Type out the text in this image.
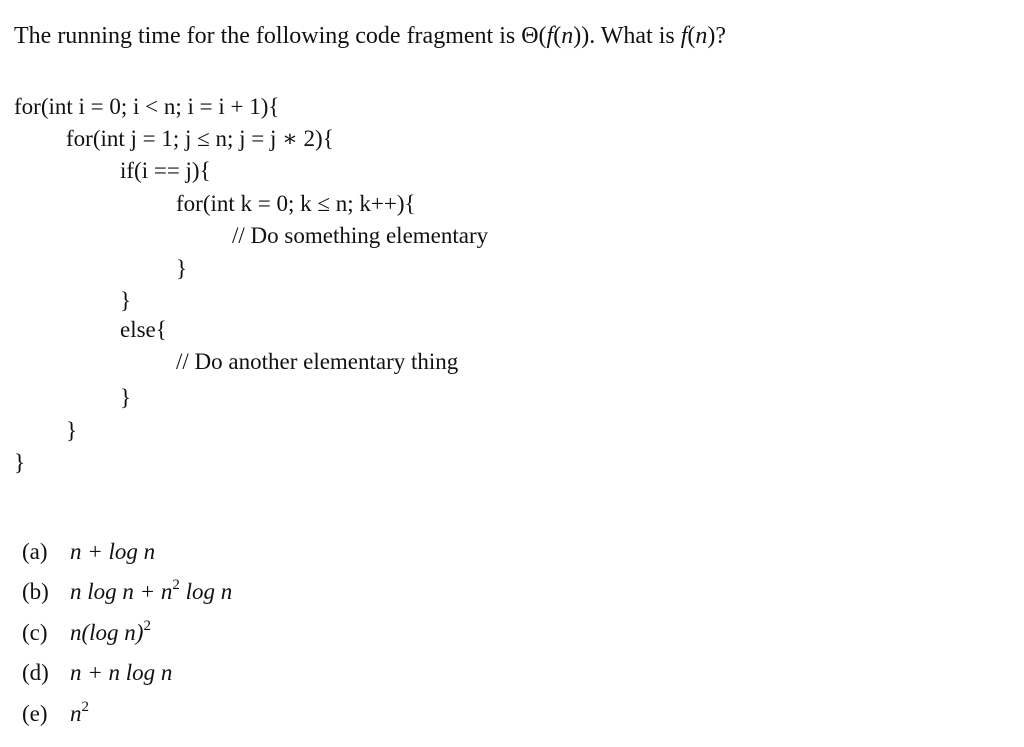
The running time for the following code fragment is Θ(f(n)). What is f(n)?
for(int i = 0; i < n; i = i + 1){
for(int j = 1; j ≤ n; j = j ∗ 2){
if(i == j){
for(int k = 0; k ≤ n; k++){
// Do something elementary
}
}
else{
// Do another elementary thing
}
}
}
(a) n + log n
(b) n $\log n + n^2$ log n
(c) n(log n)$^2$
(d) n + n log n
(e) $n^2$
